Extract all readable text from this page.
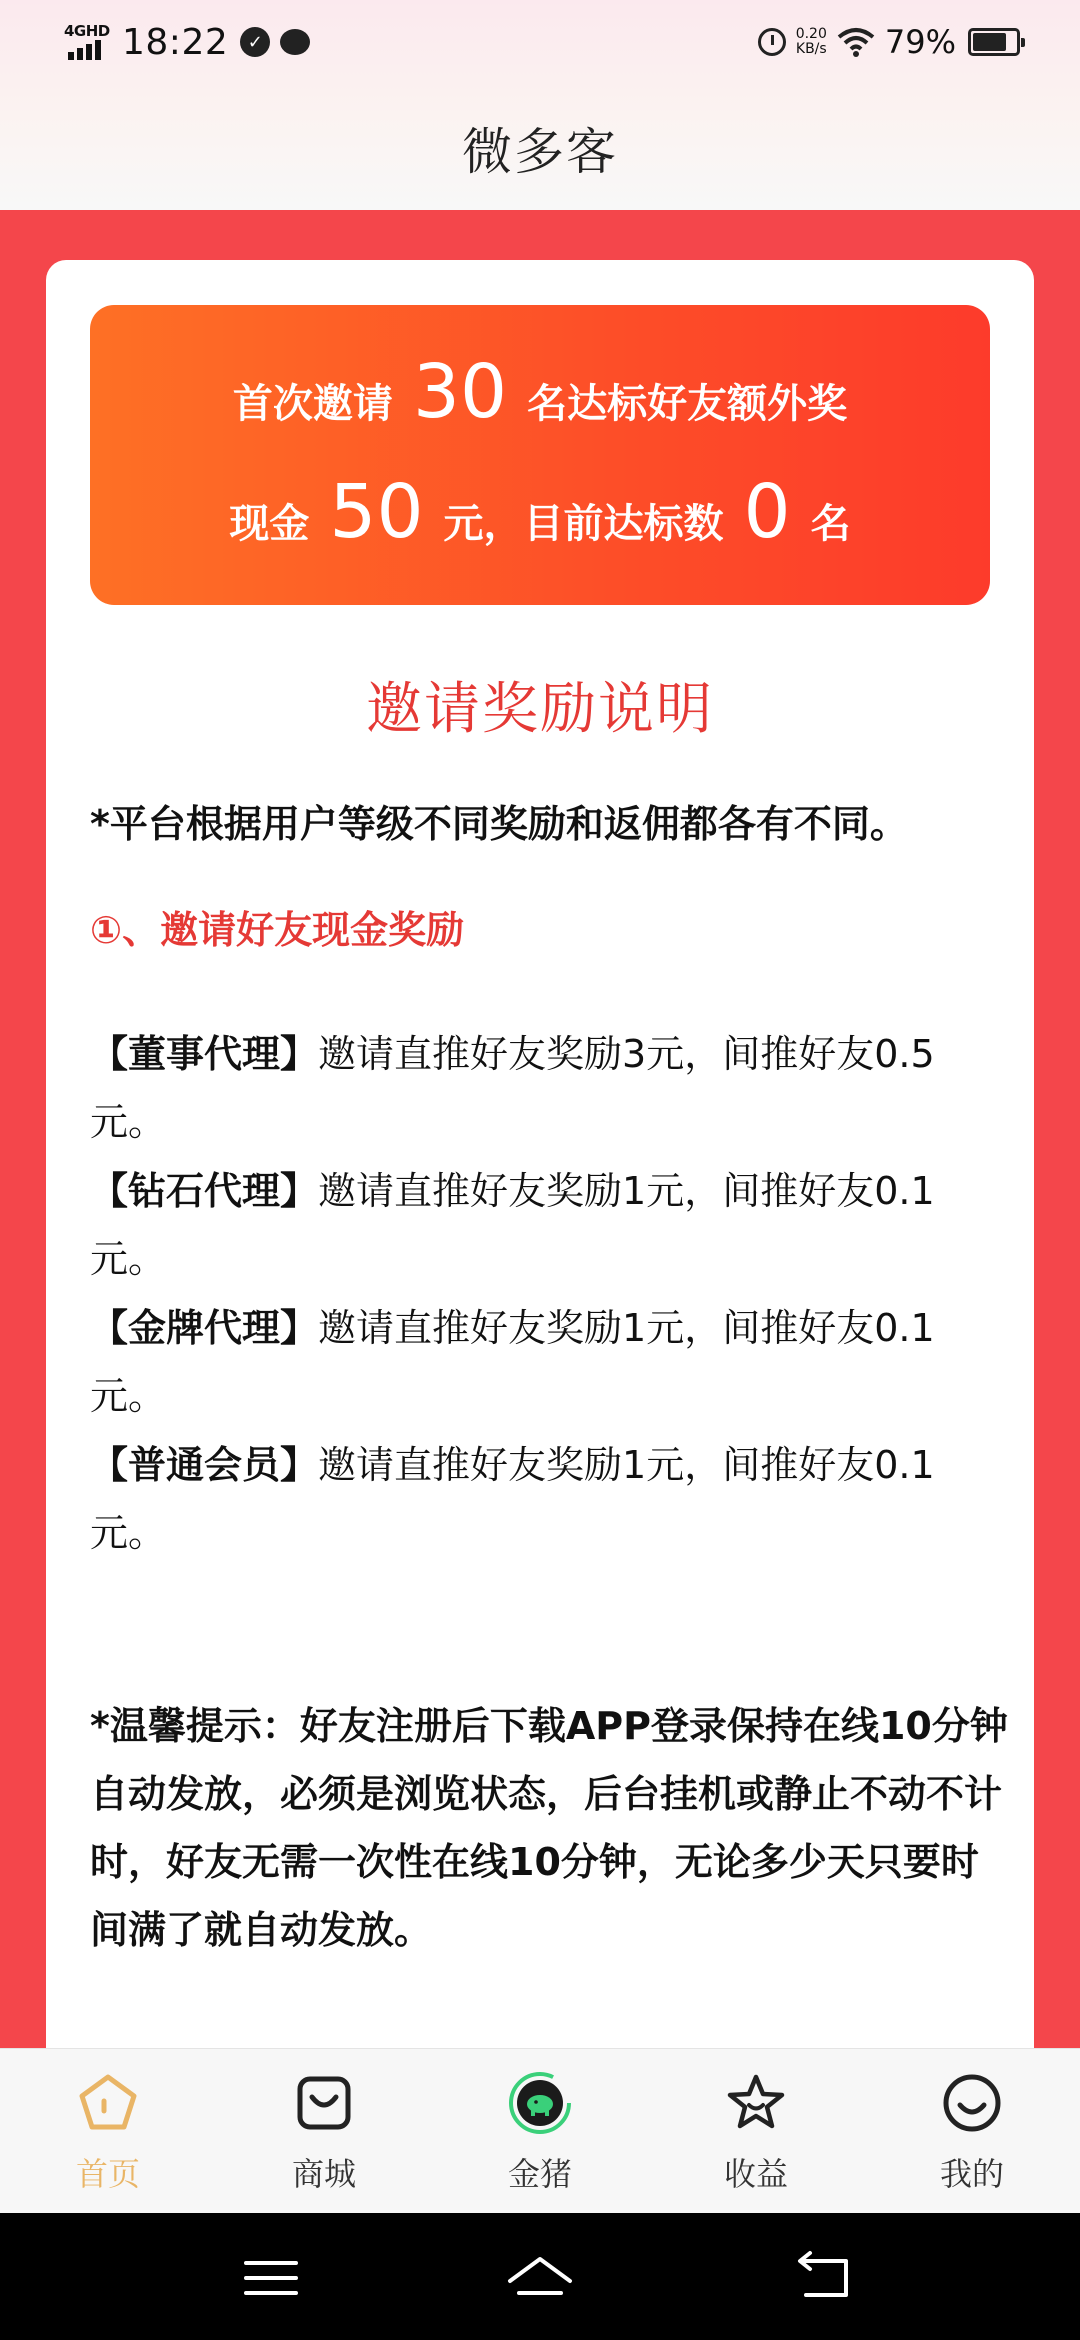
4GHD 18:22	✓	0.20
KB/s 79%
微多客
首次邀请 30 名达标好友额外奖
现金 50 元，目前达标数 0 名
邀请奖励说明
*平台根据用户等级不同奖励和返佣都各有不同。
①、邀请好友现金奖励
【董事代理】邀请直推好友奖励3元，间推好友0.5元。
【钻石代理】邀请直推好友奖励1元，间推好友0.1元。
【金牌代理】邀请直推好友奖励1元，间推好友0.1元。
【普通会员】邀请直推好友奖励1元，间推好友0.1元。
*温馨提示：好友注册后下载APP登录保持在线10分钟自动发放，必须是浏览状态，后台挂机或静止不动不计时，好友无需一次性在线10分钟，无论多少天只要时间满了就自动发放。
首页	商城	金猪	收益	我的
